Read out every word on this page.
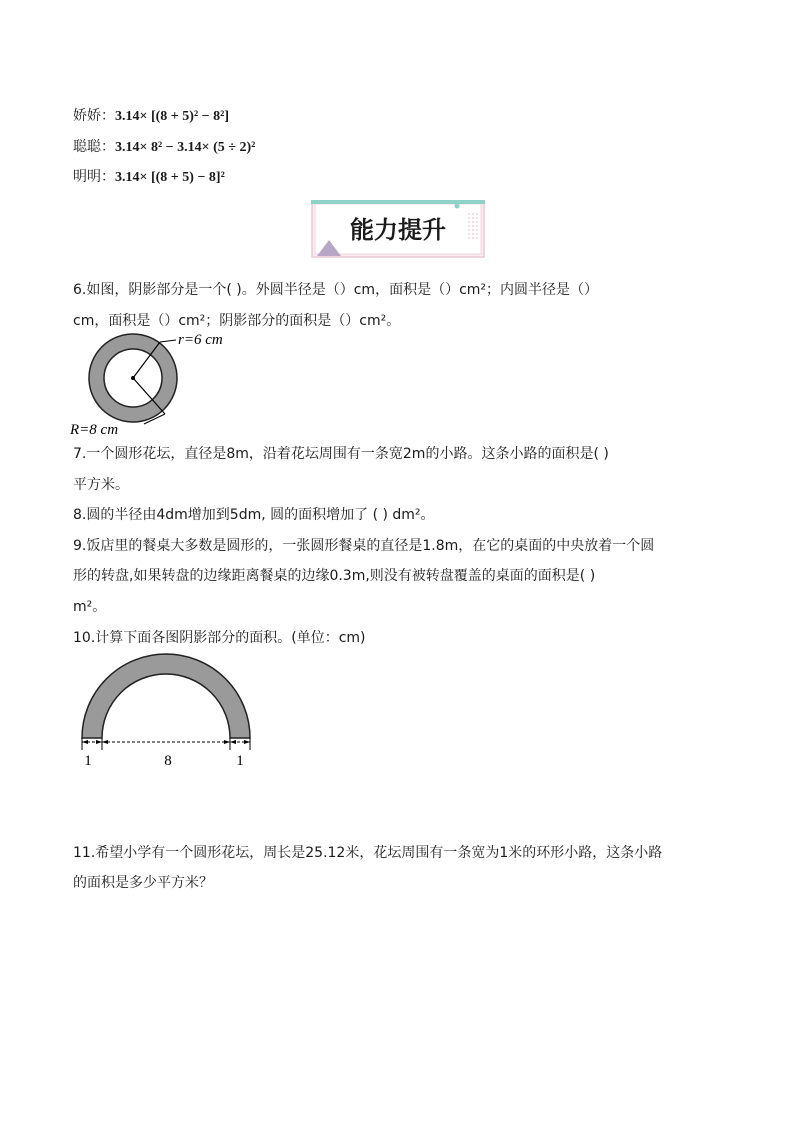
娇娇：3.14× [(8 + 5)² − 8²]
聪聪：3.14× 8² − 3.14× (5 ÷ 2)²
明明：3.14× [(8 + 5) − 8]²
能力提升
6.如图，阴影部分是一个( )。外圆半径是（）cm，面积是（）cm²；内圆半径是（）
cm，面积是（）cm²；阴影部分的面积是（）cm²。
r=6 cm
R=8 cm
7.一个圆形花坛，直径是8m，沿着花坛周围有一条宽2m的小路。这条小路的面积是( )
平方米。
8.圆的半径由4dm增加到5dm, 圆的面积增加了 ( ) dm²。
9.饭店里的餐桌大多数是圆形的，一张圆形餐桌的直径是1.8m，在它的桌面的中央放着一个圆
形的转盘,如果转盘的边缘距离餐桌的边缘0.3m,则没有被转盘覆盖的桌面的面积是( )
m²。
10.计算下面各图阴影部分的面积。(单位：cm)
1	8	1
11.希望小学有一个圆形花坛，周长是25.12米，花坛周围有一条宽为1米的环形小路，这条小路
的面积是多少平方米？
